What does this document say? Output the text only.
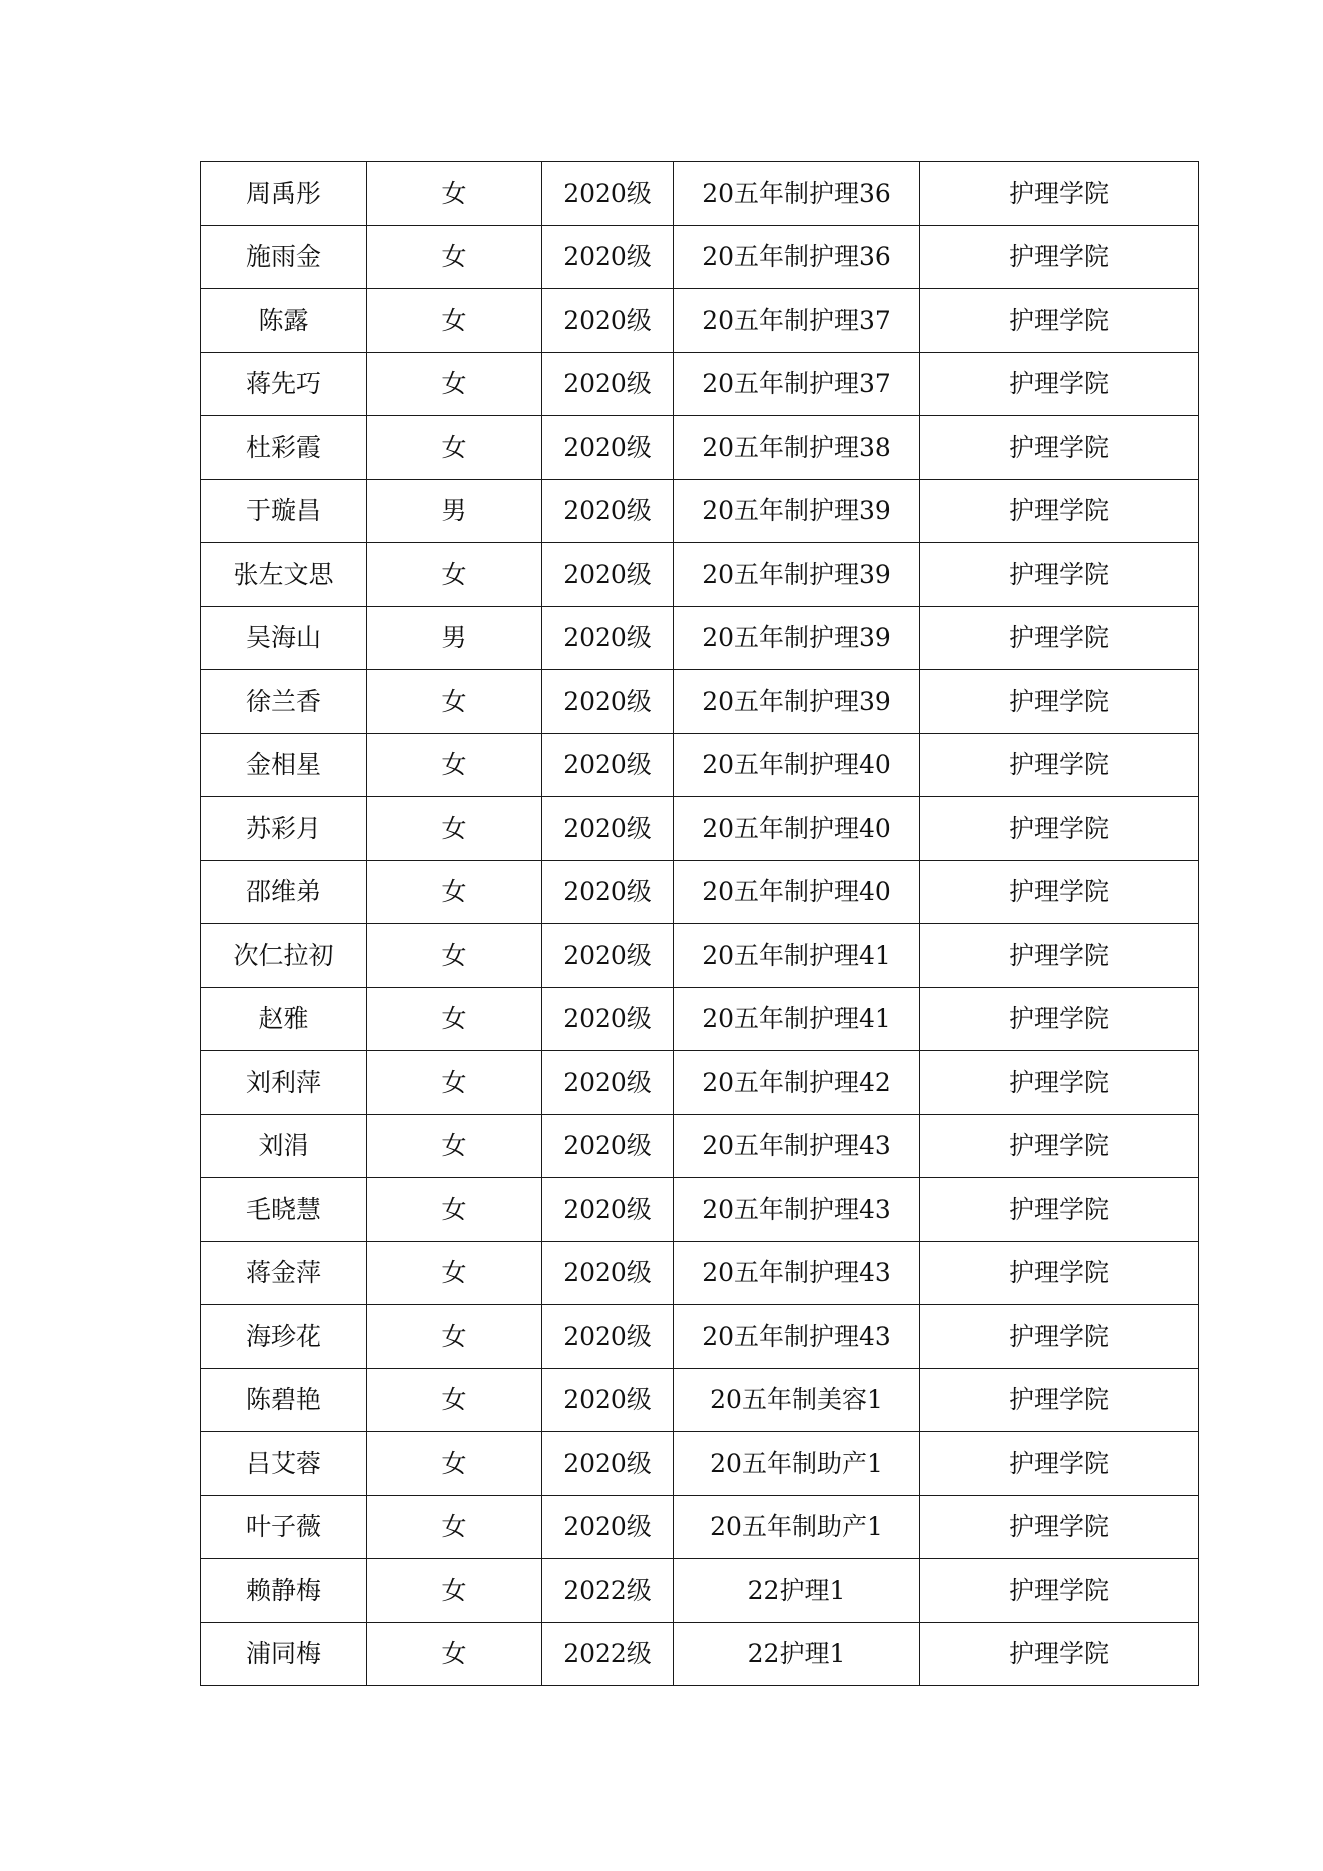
周禹彤	女	2020级	20五年制护理36	护理学院
施雨金	女	2020级	20五年制护理36	护理学院
陈露	女	2020级	20五年制护理37	护理学院
蒋先巧	女	2020级	20五年制护理37	护理学院
杜彩霞	女	2020级	20五年制护理38	护理学院
于璇昌	男	2020级	20五年制护理39	护理学院
张左文思	女	2020级	20五年制护理39	护理学院
吴海山	男	2020级	20五年制护理39	护理学院
徐兰香	女	2020级	20五年制护理39	护理学院
金相星	女	2020级	20五年制护理40	护理学院
苏彩月	女	2020级	20五年制护理40	护理学院
邵维弟	女	2020级	20五年制护理40	护理学院
次仁拉初	女	2020级	20五年制护理41	护理学院
赵雅	女	2020级	20五年制护理41	护理学院
刘利萍	女	2020级	20五年制护理42	护理学院
刘涓	女	2020级	20五年制护理43	护理学院
毛晓慧	女	2020级	20五年制护理43	护理学院
蒋金萍	女	2020级	20五年制护理43	护理学院
海珍花	女	2020级	20五年制护理43	护理学院
陈碧艳	女	2020级	20五年制美容1	护理学院
吕艾蓉	女	2020级	20五年制助产1	护理学院
叶子薇	女	2020级	20五年制助产1	护理学院
赖静梅	女	2022级	22护理1	护理学院
浦同梅	女	2022级	22护理1	护理学院
